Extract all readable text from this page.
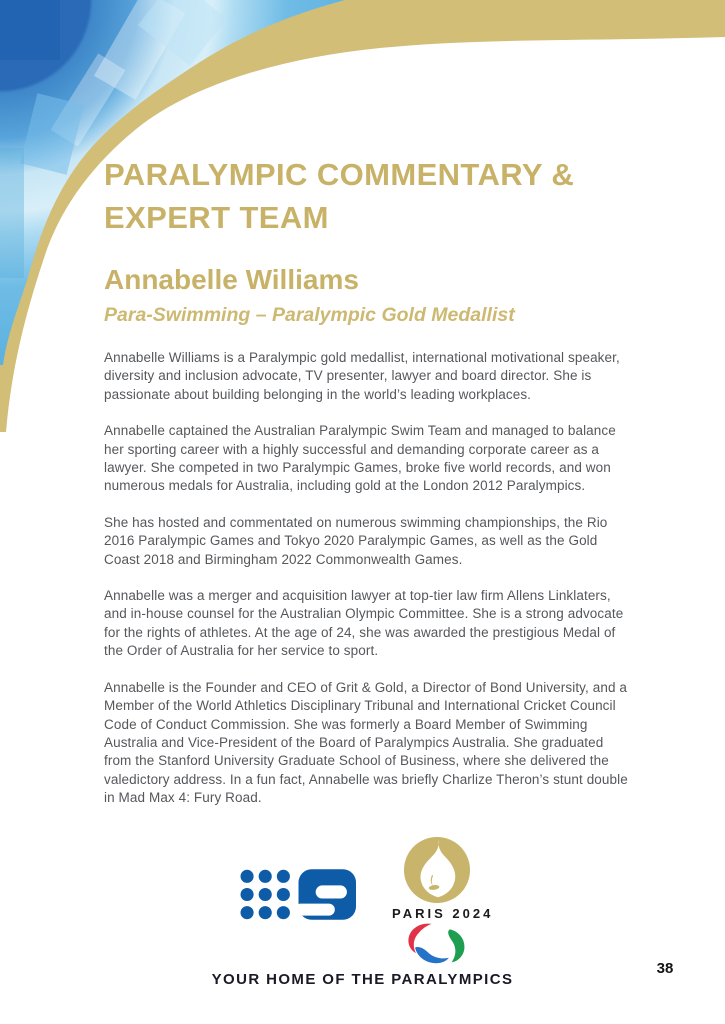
PARALYMPIC COMMENTARY &
EXPERT TEAM
Annabelle Williams
Para-Swimming – Paralympic Gold Medallist

Annabelle Williams is a Paralympic gold medallist, international motivational speaker, diversity and inclusion advocate, TV presenter, lawyer and board director. She is passionate about building belonging in the world’s leading workplaces.

Annabelle captained the Australian Paralympic Swim Team and managed to balance her sporting career with a highly successful and demanding corporate career as a lawyer. She competed in two Paralympic Games, broke five world records, and won numerous medals for Australia, including gold at the London 2012 Paralympics.

She has hosted and commentated on numerous swimming championships, the Rio 2016 Paralympic Games and Tokyo 2020 Paralympic Games, as well as the Gold Coast 2018 and Birmingham 2022 Commonwealth Games.

Annabelle was a merger and acquisition lawyer at top-tier law firm Allens Linklaters, and in-house counsel for the Australian Olympic Committee. She is a strong advocate for the rights of athletes. At the age of 24, she was awarded the prestigious Medal of the Order of Australia for her service to sport.

Annabelle is the Founder and CEO of Grit & Gold, a Director of Bond University, and a Member of the World Athletics Disciplinary Tribunal and International Cricket Council Code of Conduct Commission. She was formerly a Board Member of Swimming Australia and Vice-President of the Board of Paralympics Australia. She graduated from the Stanford University Graduate School of Business, where she delivered the valedictory address. In a fun fact, Annabelle was briefly Charlize Theron’s stunt double in Mad Max 4: Fury Road.

PARIS 2024
YOUR HOME OF THE PARALYMPICS
38
